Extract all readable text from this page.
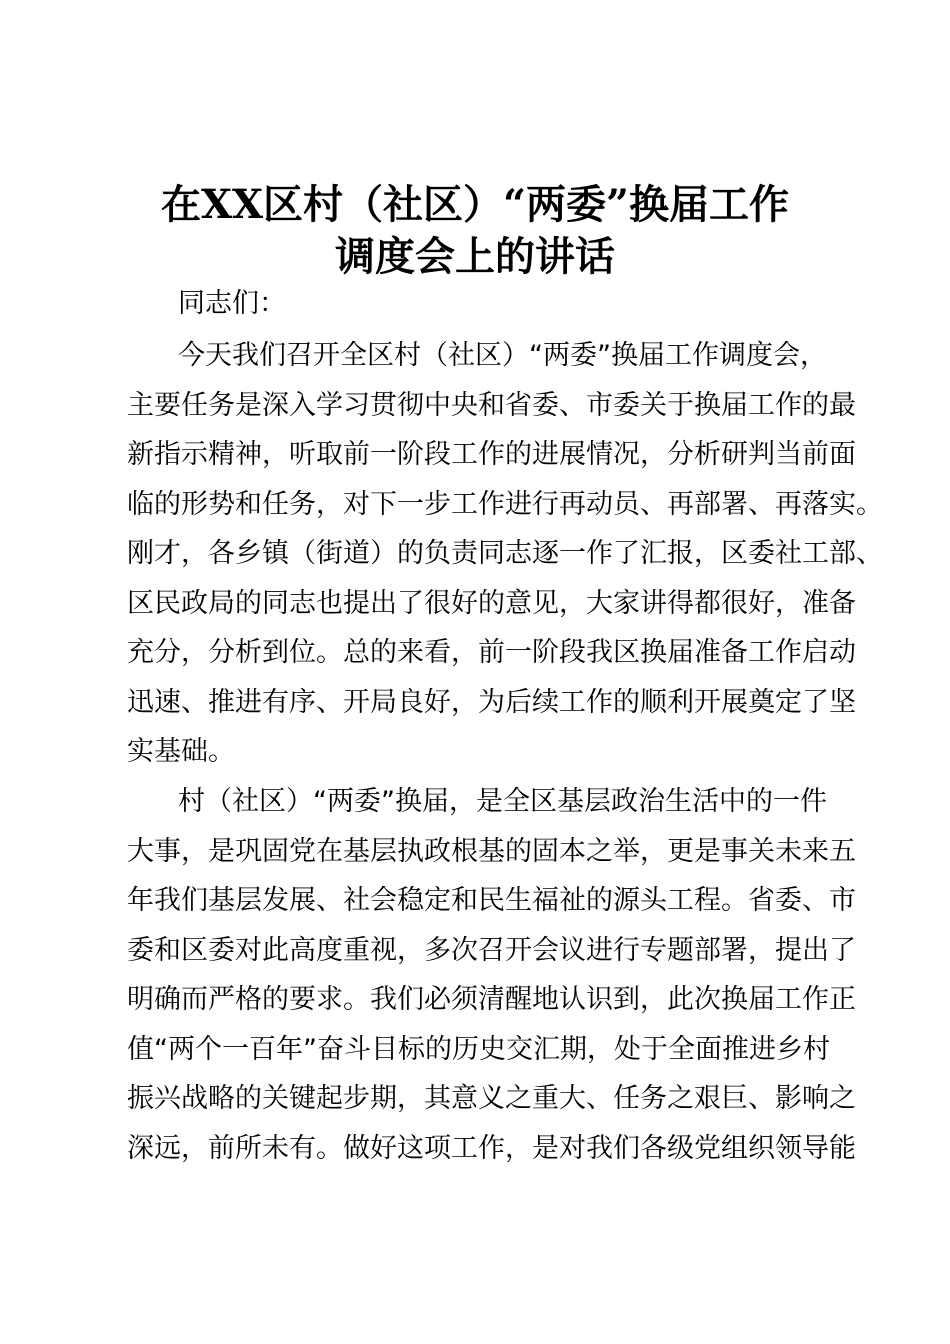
在XX区村（社区）“两委”换届工作
调度会上的讲话
同志们：
今天我们召开全区村（社区）“两委”换届工作调度会，
主要任务是深入学习贯彻中央和省委、市委关于换届工作的最
新指示精神，听取前一阶段工作的进展情况，分析研判当前面
临的形势和任务，对下一步工作进行再动员、再部署、再落实。
刚才，各乡镇（街道）的负责同志逐一作了汇报，区委社工部、
区民政局的同志也提出了很好的意见，大家讲得都很好，准备
充分，分析到位。总的来看，前一阶段我区换届准备工作启动
迅速、推进有序、开局良好，为后续工作的顺利开展奠定了坚
实基础。
村（社区）“两委”换届，是全区基层政治生活中的一件
大事，是巩固党在基层执政根基的固本之举，更是事关未来五
年我们基层发展、社会稳定和民生福祉的源头工程。省委、市
委和区委对此高度重视，多次召开会议进行专题部署，提出了
明确而严格的要求。我们必须清醒地认识到，此次换届工作正
值“两个一百年”奋斗目标的历史交汇期，处于全面推进乡村
振兴战略的关键起步期，其意义之重大、任务之艰巨、影响之
深远，前所未有。做好这项工作，是对我们各级党组织领导能
